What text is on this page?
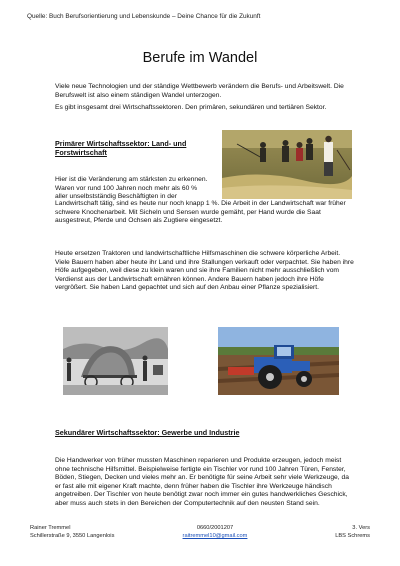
Quelle: Buch Berufsorientierung und Lebenskunde – Deine Chance für die Zukunft
Berufe im Wandel

Viele neue Technologien und der ständige Wettbewerb verändern die Berufs- und Arbeitswelt. Die Berufswelt ist also einem ständigen Wandel unterzogen.

Es gibt insgesamt drei Wirtschaftssektoren. Den primären, sekundären und tertiären Sektor.

Primärer Wirtschaftssektor: Land- und
Forstwirtschaft
Hier ist die Veränderung am stärksten zu erkennen.
Waren vor rund 100 Jahren noch mehr als 60 %
aller unselbstständig Beschäftigten in der
Landwirtschaft tätig, sind es heute nur noch knapp 1 %. Die Arbeit in der Landwirtschaft war früher schwere Knochenarbeit. Mit Sicheln und Sensen wurde gemäht, per Hand wurde die Saat ausgestreut, Pferde und Ochsen als Zugtiere eingesetzt.
Heute ersetzen Traktoren und landwirtschaftliche Hilfsmaschinen die schwere körperliche Arbeit. Viele Bauern haben aber heute ihr Land und ihre Stallungen verkauft oder verpachtet. Sie haben ihre Höfe aufgegeben, weil diese zu klein waren und sie ihre Familien nicht mehr ausschließlich vom Verdienst aus der Landwirtschaft ernähren können. Andere Bauern haben jedoch ihre Höfe vergrößert. Sie haben Land gepachtet und sich auf den Anbau einer Pflanze spezialisiert.
Sekundärer Wirtschaftssektor: Gewerbe und Industrie
Die Handwerker von früher mussten Maschinen reparieren und Produkte erzeugen, jedoch meist ohne technische Hilfsmittel. Beispielweise fertigte ein Tischler vor rund 100 Jahren Türen, Fenster, Böden, Stiegen, Decken und vieles mehr an. Er benötigte für seine Arbeit sehr viele Werkzeuge, da er fast alle mit eigener Kraft machte, denn früher haben die Tischler ihre Werkzeuge händisch angetreiben. Der Tischler von heute benötigt zwar noch immer ein gutes handwerkliches Geschick, aber muss auch stets in den Bereichen der Computertechnik auf den neusten Stand sein.
Rainer Tremmel
Schillerstraße 9, 3550 Langenlois
0660/2001207
raitremmel10@gmail.com
3. Vers
LBS Schrems
